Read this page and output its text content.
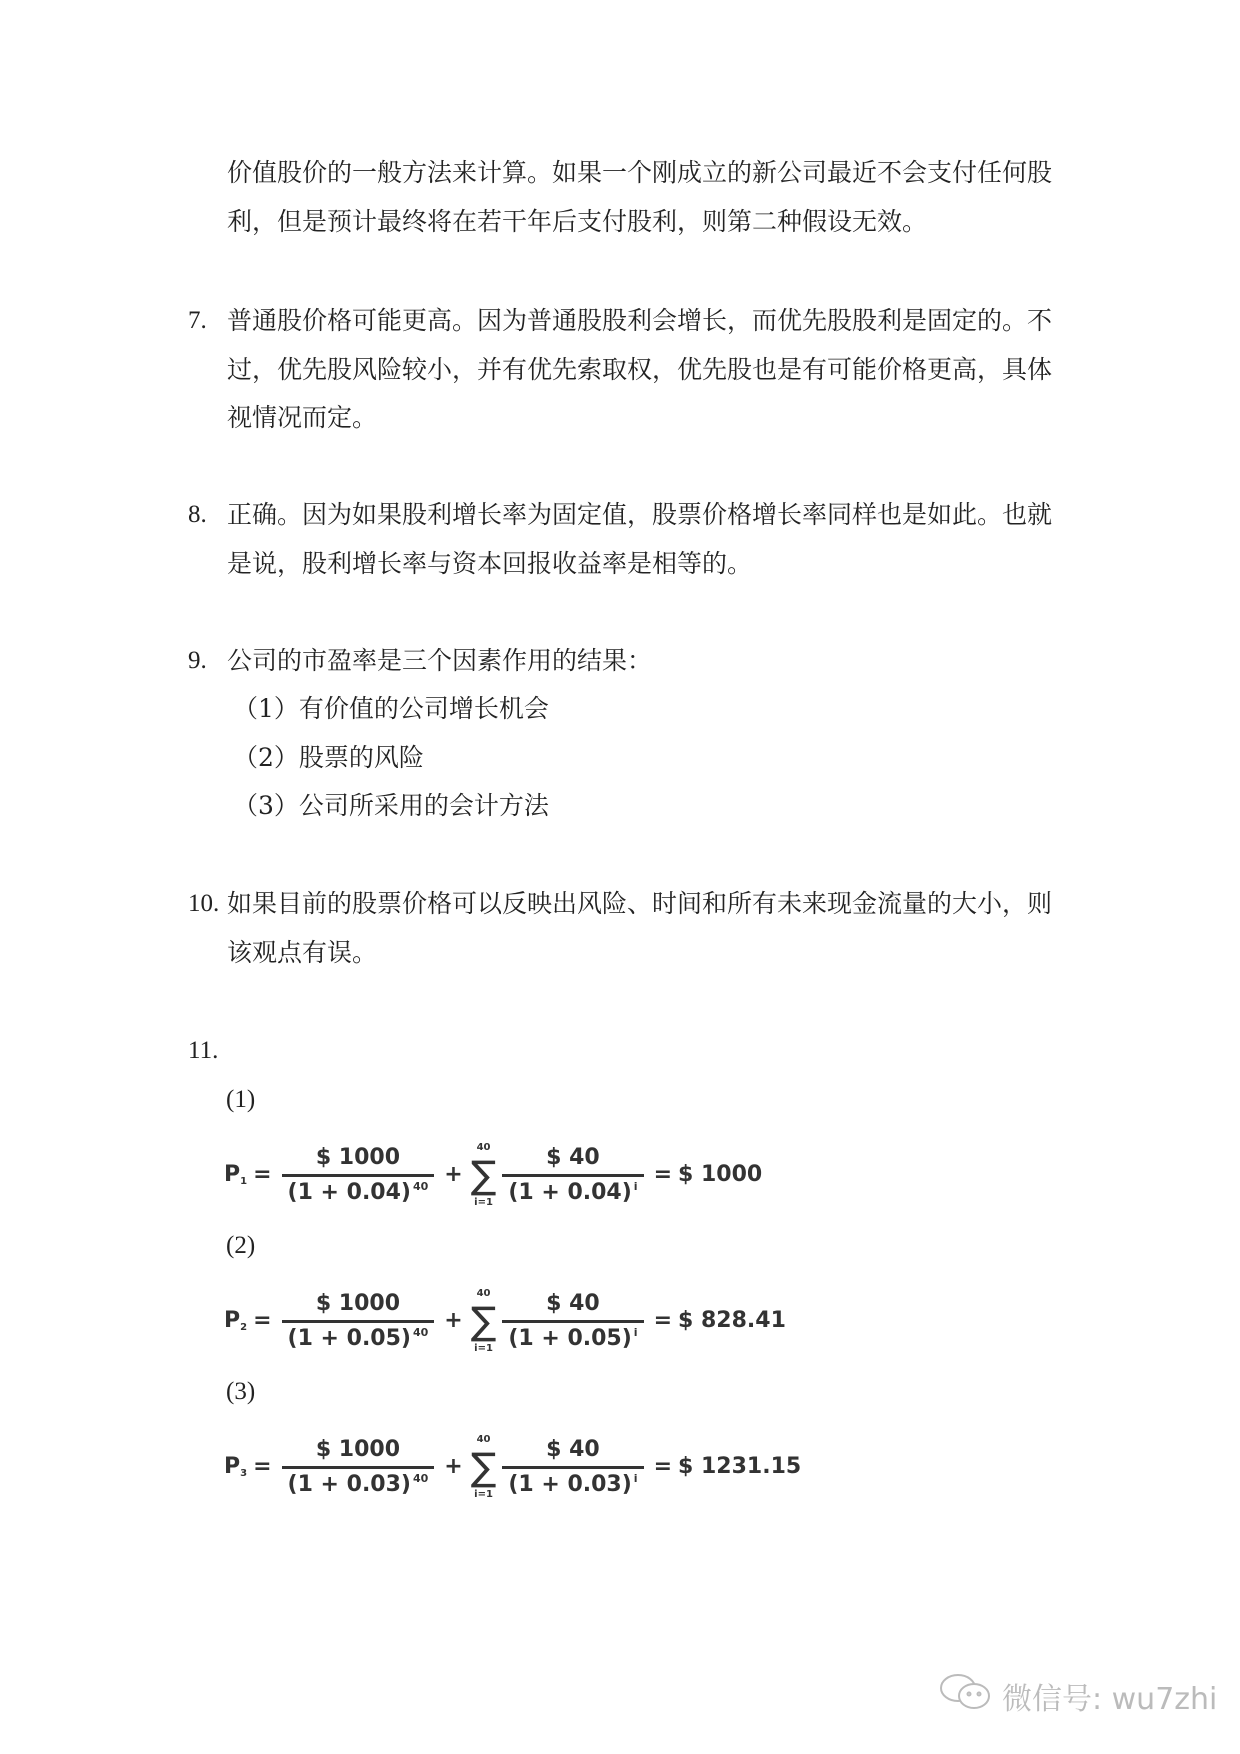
价值股价的一般方法来计算。如果一个刚成立的新公司最近不会支付任何股
利，但是预计最终将在若干年后支付股利，则第二种假设无效。
7. 普通股价格可能更高。因为普通股股利会增长，而优先股股利是固定的。不
过，优先股风险较小，并有优先索取权，优先股也是有可能价格更高，具体
视情况而定。
8. 正确。因为如果股利增长率为固定值，股票价格增长率同样也是如此。也就
是说，股利增长率与资本回报收益率是相等的。
9. 公司的市盈率是三个因素作用的结果：
（1）有价值的公司增长机会
（2）股票的风险
（3）公司所采用的会计方法
10. 如果目前的股票价格可以反映出风险、时间和所有未来现金流量的大小，则
该观点有误。
11.
(1)
$P1 = \frac{\$ 1000}{(1 + 0.04) ^{40}}$ +
40
∑
$i=1 \frac{\$ 40}{(1 + 0.04) ^i}$ = $ 1000
(2)
$P2 = \frac{\$ 1000}{(1 + 0.05) ^{40}}$ +
40
∑
$i=1 \frac{\$ 40}{(1 + 0.05) ^i}$ = $ 828.41
(3)
$P3 = \frac{\$ 1000}{(1 + 0.03) ^{40}}$ +
40
∑
$i=1 \frac{\$ 40}{(1 + 0.03) ^i}$ = $ 1231.15
微信号: wu7zhi
